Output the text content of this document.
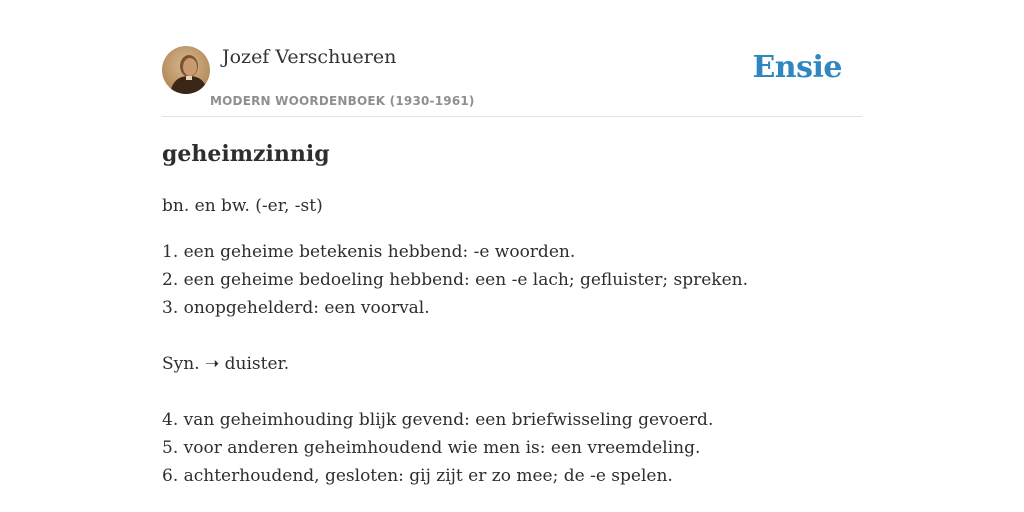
Jozef Verschueren
MODERN WOORDENBOEK (1930-1961)
Ensie
geheimzinnig
bn. en bw. (-er, -st)
1. een geheime betekenis hebbend: -e woorden.
2. een geheime bedoeling hebbend: een -e lach; gefluister; spreken.
3. onopgehelderd: een voorval.
Syn. ➝ duister.
4. van geheimhouding blijk gevend: een briefwisseling gevoerd.
5. voor anderen geheimhoudend wie men is: een vreemdeling.
6. achterhoudend, gesloten: gij zijt er zo mee; de -e spelen.
